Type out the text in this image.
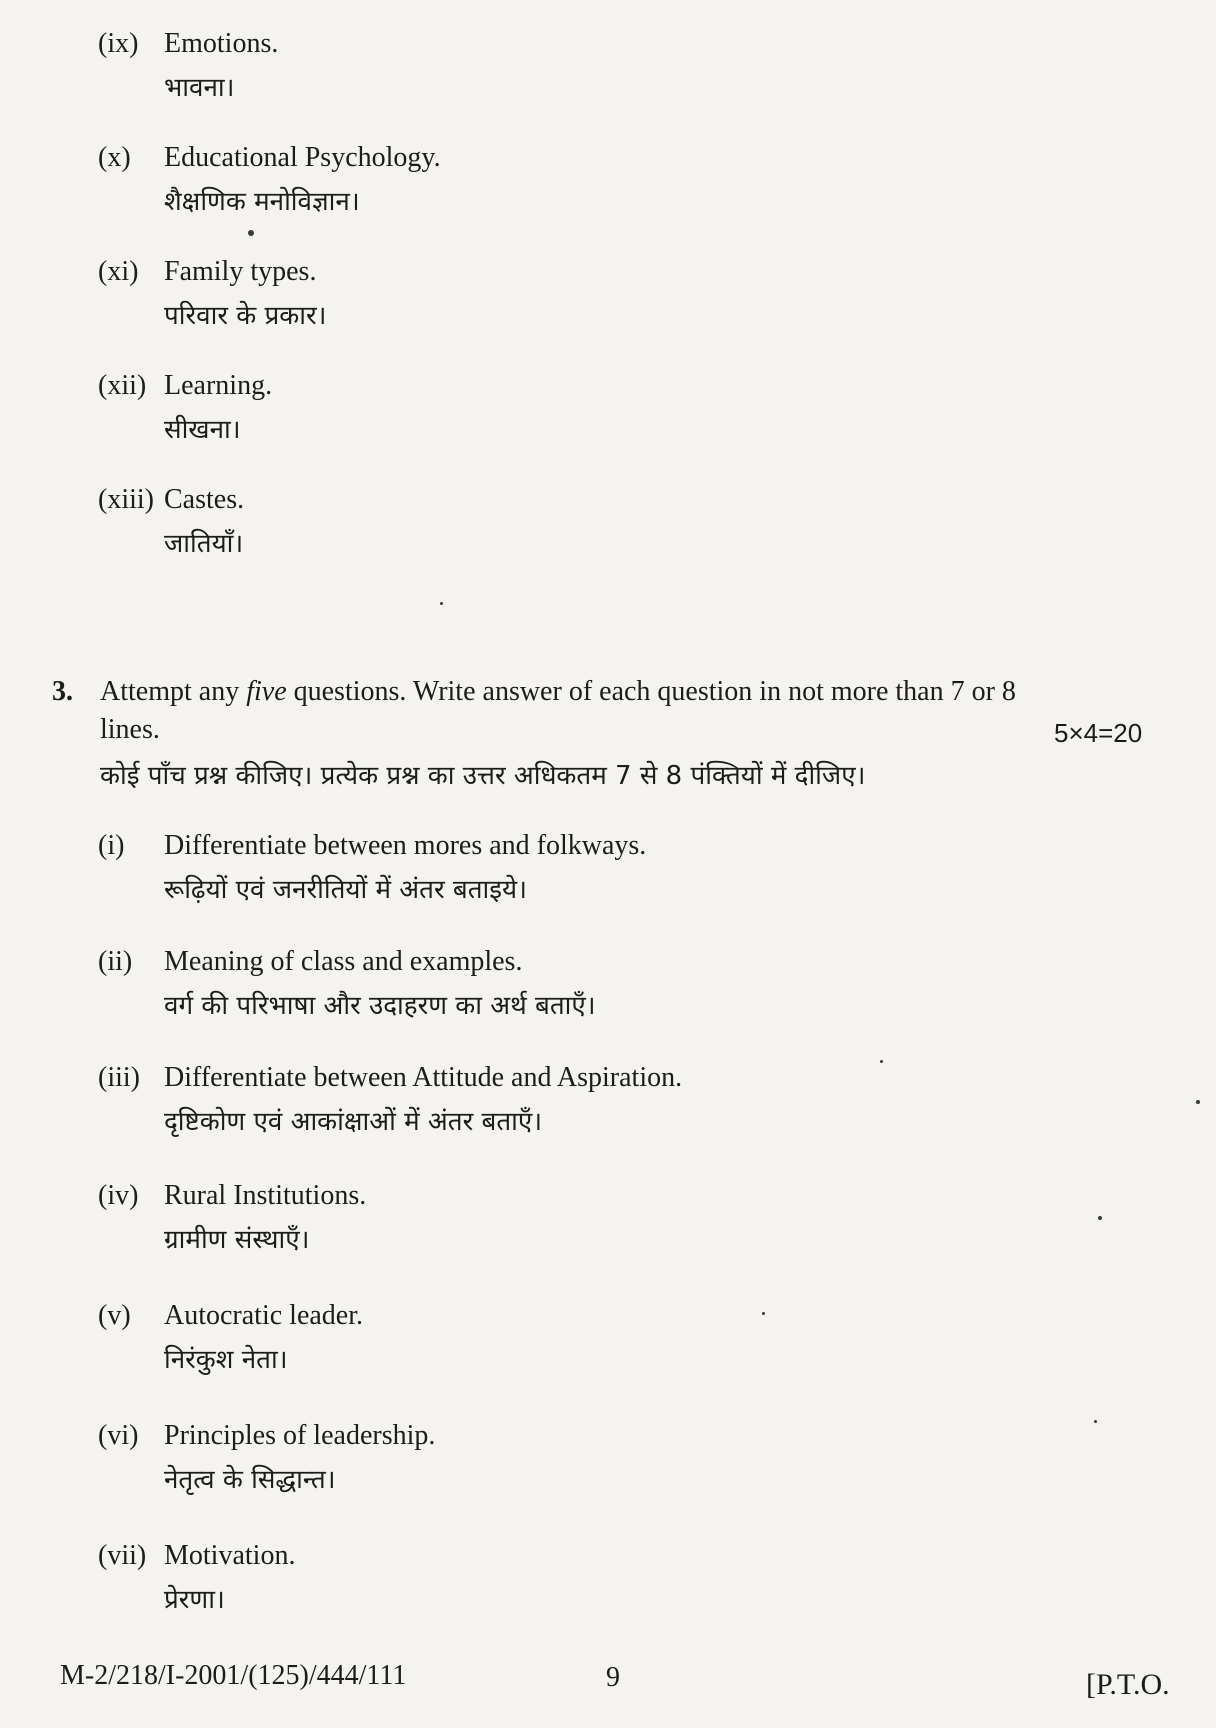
(ix) Emotions.
भावना।
(x) Educational Psychology.
शैक्षणिक मनोविज्ञान।
(xi) Family types.
परिवार के प्रकार।
(xii) Learning.
सीखना।
(xiii) Castes.
जातियाँ।
3. Attempt any five questions. Write answer of each question in not more than 7 or 8
lines.	5×4=20
कोई पाँच प्रश्न कीजिए। प्रत्येक प्रश्न का उत्तर अधिकतम 7 से 8 पंक्तियों में दीजिए।
(i) Differentiate between mores and folkways.
रूढ़ियों एवं जनरीतियों में अंतर बताइये।
(ii) Meaning of class and examples.
वर्ग की परिभाषा और उदाहरण का अर्थ बताएँ।
(iii) Differentiate between Attitude and Aspiration.
दृष्टिकोण एवं आकांक्षाओं में अंतर बताएँ।
(iv) Rural Institutions.
ग्रामीण संस्थाएँ।
(v) Autocratic leader.
निरंकुश नेता।
(vi) Principles of leadership.
नेतृत्व के सिद्धान्त।
(vii) Motivation.
प्रेरणा।
M-2/218/I-2001/(125)/444/111	9	[P.T.O.
